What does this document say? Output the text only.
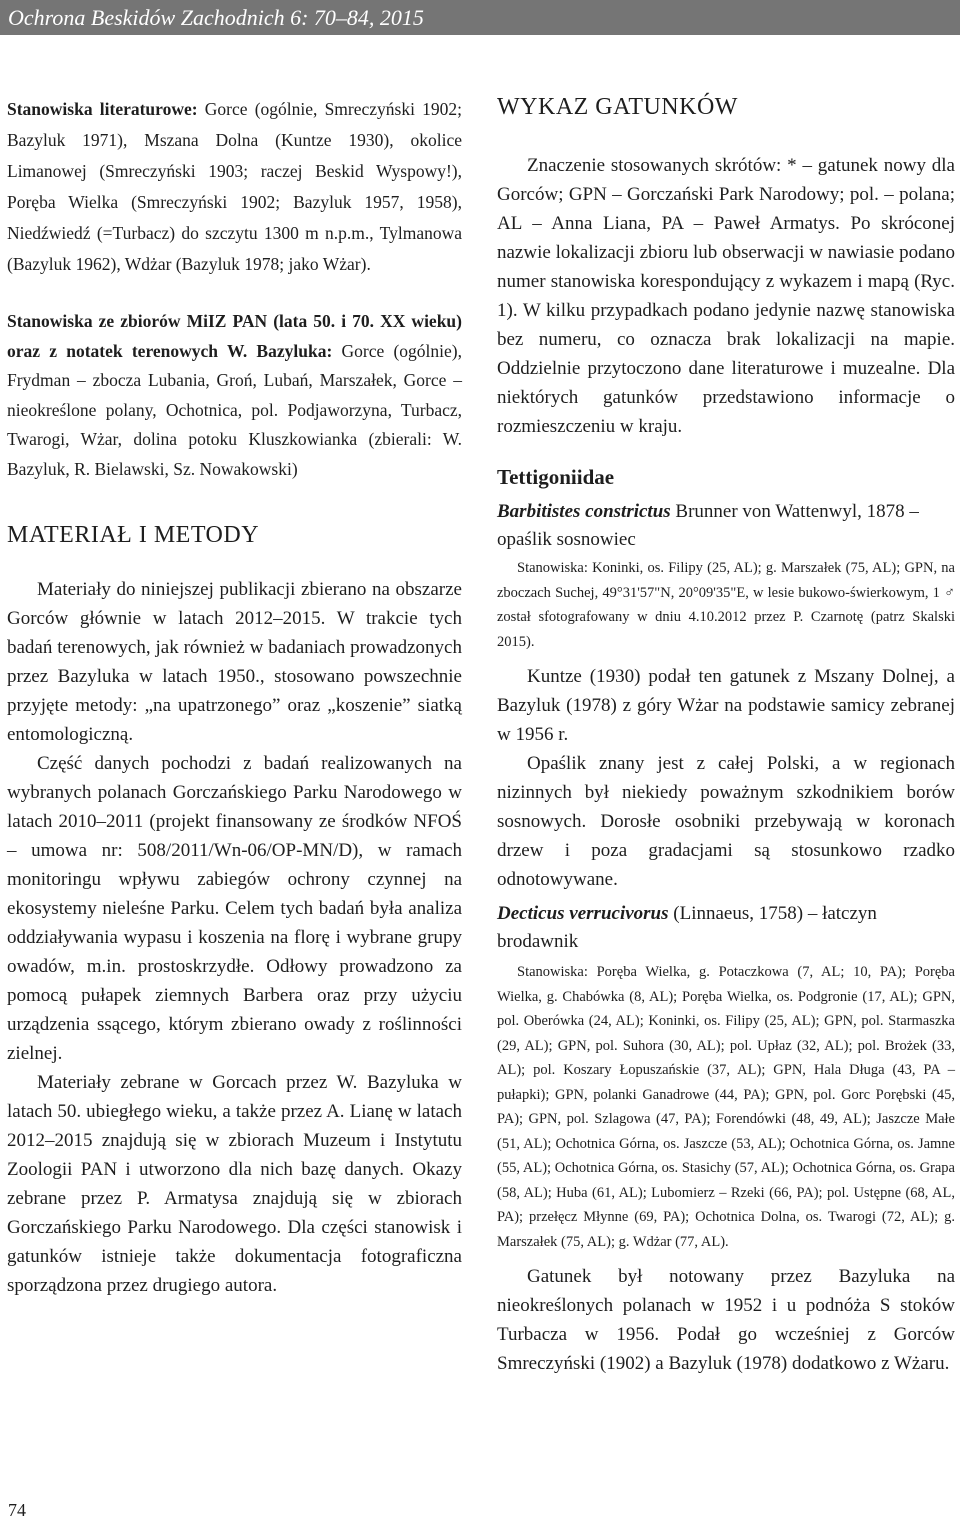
Ochrona Beskidów Zachodnich 6: 70–84, 2015

Stanowiska literaturowe: Gorce (ogólnie, Smreczyński 1902; Bazyluk 1971), Mszana Dolna (Kuntze 1930), okolice Limanowej (Smreczyński 1903; raczej Beskid Wyspowy!), Poręba Wielka (Smreczyński 1902; Bazyluk 1957, 1958), Niedźwiedź (=Turbacz) do szczytu 1300 m n.p.m., Tylmanowa (Bazyluk 1962), Wdżar (Bazyluk 1978; jako Wżar).

Stanowiska ze zbiorów MiIZ PAN (lata 50. i 70. XX wieku) oraz z notatek terenowych W. Bazyluka: Gorce (ogólnie), Frydman – zbocza Lubania, Groń, Lubań, Marszałek, Gorce – nieokreślone polany, Ochotnica, pol. Podjaworzyna, Turbacz, Twarogi, Wżar, dolina potoku Kluszkowianka (zbierali: W. Bazyluk, R. Bielawski, Sz. Nowakowski)

MATERIAŁ I METODY

Materiały do niniejszej publikacji zbierano na obszarze Gorców głównie w latach 2012–2015. W trakcie tych badań terenowych, jak również w badaniach prowadzonych przez Bazyluka w latach 1950., stosowano powszechnie przyjęte metody: „na upatrzonego” oraz „koszenie” siatką entomologiczną.

Część danych pochodzi z badań realizowanych na wybranych polanach Gorczańskiego Parku Narodowego w latach 2010–2011 (projekt finansowany ze środków NFOŚ – umowa nr: 508/2011/Wn-06/OP-MN/D), w ramach monitoringu wpływu zabiegów ochrony czynnej na ekosystemy nieleśne Parku. Celem tych badań była analiza oddziaływania wypasu i koszenia na florę i wybrane grupy owadów, m.in. prostoskrzydłe. Odłowy prowadzono za pomocą pułapek ziemnych Barbera oraz przy użyciu urządzenia ssącego, którym zbierano owady z roślinności zielnej.

Materiały zebrane w Gorcach przez W. Bazyluka w latach 50. ubiegłego wieku, a także przez A. Lianę w latach 2012–2015 znajdują się w zbiorach Muzeum i Instytutu Zoologii PAN i utworzono dla nich bazę danych. Okazy zebrane przez P. Armatysa znajdują się w zbiorach Gorczańskiego Parku Narodowego. Dla części stanowisk i gatunków istnieje także dokumentacja fotograficzna sporządzona przez drugiego autora.

WYKAZ GATUNKÓW

Znaczenie stosowanych skrótów: * – gatunek nowy dla Gorców; GPN – Gorczański Park Narodowy; pol. – polana; AL – Anna Liana, PA – Paweł Armatys. Po skróconej nazwie lokalizacji zbioru lub obserwacji w nawiasie podano numer stanowiska korespondujący z wykazem i mapą (Ryc. 1). W kilku przypadkach podano jedynie nazwę stanowiska bez numeru, co oznacza brak lokalizacji na mapie. Oddzielnie przytoczono dane literaturowe i muzealne. Dla niektórych gatunków przedstawiono informacje o rozmieszczeniu w kraju.

Tettigoniidae

Barbitistes constrictus Brunner von Wattenwyl, 1878 – opaślik sosnowiec

Stanowiska: Koninki, os. Filipy (25, AL); g. Marszałek (75, AL); GPN, na zboczach Suchej, 49°31'57"N, 20°09'35"E, w lesie bukowo-świerkowym, 1 ♂ został sfotografowany w dniu 4.10.2012 przez P. Czarnotę (patrz Skalski 2015).

Kuntze (1930) podał ten gatunek z Mszany Dolnej, a Bazyluk (1978) z góry Wżar na podstawie samicy zebranej w 1956 r.

Opaślik znany jest z całej Polski, a w regionach nizinnych był niekiedy poważnym szkodnikiem borów sosnowych. Dorosłe osobniki przebywają w koronach drzew i poza gradacjami są stosunkowo rzadko odnotowywane.

Decticus verrucivorus (Linnaeus, 1758) – łatczyn brodawnik

Stanowiska: Poręba Wielka, g. Potaczkowa (7, AL; 10, PA); Poręba Wielka, g. Chabówka (8, AL); Poręba Wielka, os. Podgronie (17, AL); GPN, pol. Oberówka (24, AL); Koninki, os. Filipy (25, AL); GPN, pol. Starmaszka (29, AL); GPN, pol. Suhora (30, AL); pol. Upłaz (32, AL); pol. Brożek (33, AL); pol. Koszary Łopuszańskie (37, AL); GPN, Hala Długa (43, PA – pułapki); GPN, polanki Ganadrowe (44, PA); GPN, pol. Gorc Porębski (45, PA); GPN, pol. Szlagowa (47, PA); Forendówki (48, 49, AL); Jaszcze Małe (51, AL); Ochotnica Górna, os. Jaszcze (53, AL); Ochotnica Górna, os. Jamne (55, AL); Ochotnica Górna, os. Stasichy (57, AL); Ochotnica Górna, os. Grapa (58, AL); Huba (61, AL); Lubomierz – Rzeki (66, PA); pol. Ustępne (68, AL, PA); przełęcz Młynne (69, PA); Ochotnica Dolna, os. Twarogi (72, AL); g. Marszałek (75, AL); g. Wdżar (77, AL).

Gatunek był notowany przez Bazyluka na nieokreślonych polanach w 1952 i u podnóża S stoków Turbacza w 1956. Podał go wcześniej z Gorców Smreczyński (1902) a Bazyluk (1978) dodatkowo z Wżaru.

74
